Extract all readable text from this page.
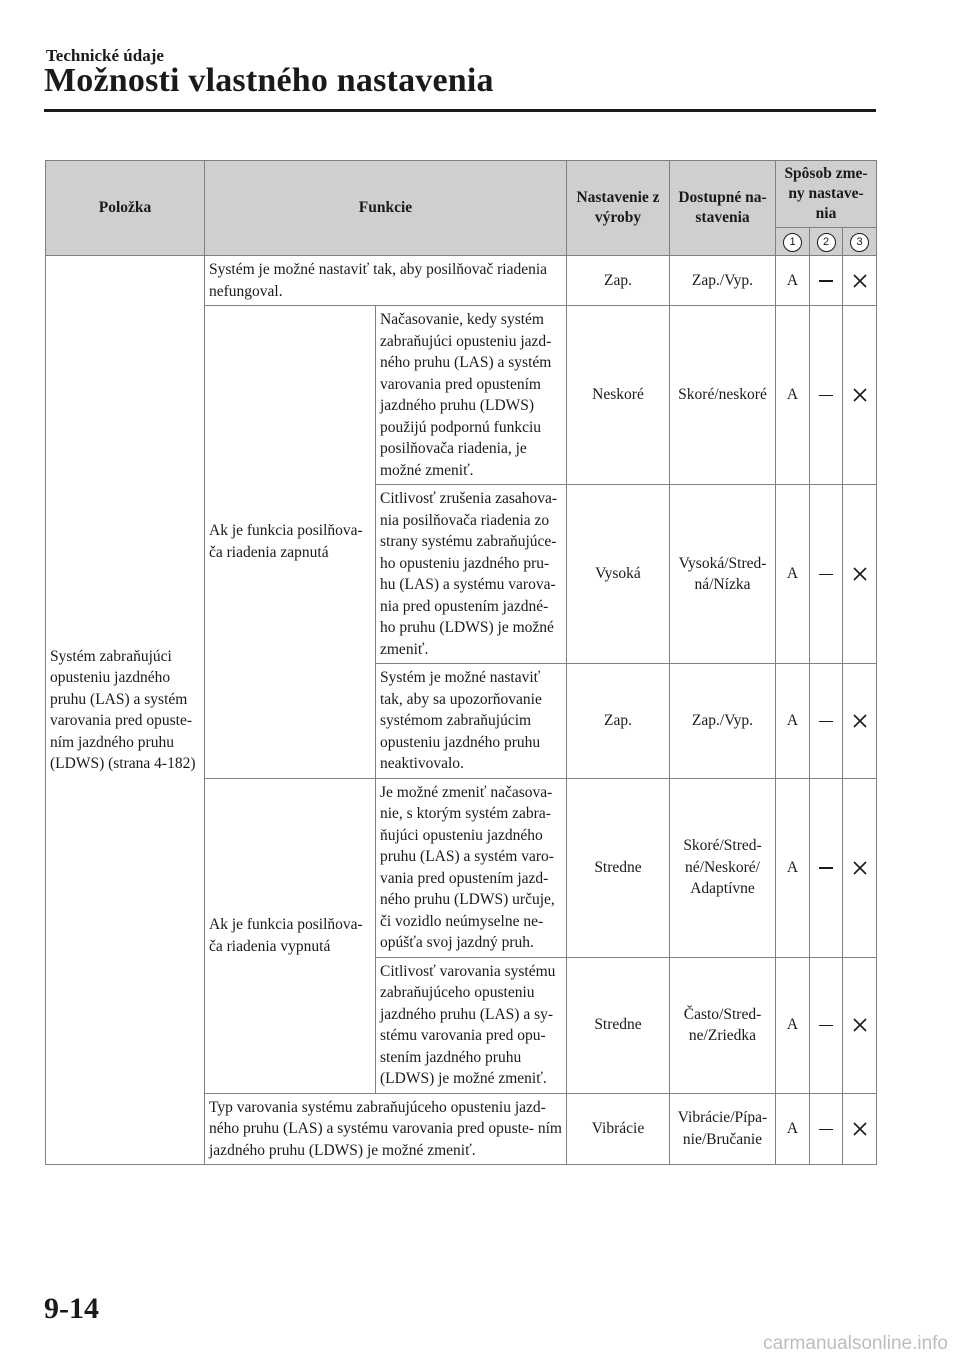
Technické údaje
Možnosti vlastného nastavenia
Položka	Funkcie		Nastavenie z výroby	Dostupné na- stavenia	Spôsob zme- ny nastave- nia		
					1	2	3
Systém zabraňujúci opusteniu jazdného pruhu (LAS) a systém varovania pred opuste- ním jazdného pruhu (LDWS) (strana 4-182)	Systém je možné nastaviť tak, aby posilňovač riadenia nefungoval.		Zap.	Zap./Vyp.	A		

	Ak je funkcia posilňova- ča riadenia zapnutá	Načasovanie, kedy systém zabraňujúci opusteniu jazd- ného pruhu (LAS) a systém varovania pred opustením jazdného pruhu (LDWS) použijú podpornú funkciu posilňovača riadenia, je možné zmeniť.	Neskoré	Skoré/neskoré	A		

		Citlivosť zrušenia zasahova- nia posilňovača riadenia zo strany systému zabraňujúce- ho opusteniu jazdného pru- hu (LAS) a systému varova- nia pred opustením jazdné- ho pruhu (LDWS) je možné zmeniť.	Vysoká	Vysoká/Stred- ná/Nízka	A		

		Systém je možné nastaviť tak, aby sa upozorňovanie systémom zabraňujúcim opusteniu jazdného pruhu neaktivovalo.	Zap.	Zap./Vyp.	A		

	Ak je funkcia posilňova- ča riadenia vypnutá	Je možné zmeniť načasova- nie, s ktorým systém zabra- ňujúci opusteniu jazdného pruhu (LAS) a systém varo- vania pred opustením jazd- ného pruhu (LDWS) určuje, či vozidlo neúmyselne ne- opúšťa svoj jazdný pruh.	Stredne	Skoré/Stred- né/Neskoré/ Adaptívne	A		

		Citlivosť varovania systému zabraňujúceho opusteniu jazdného pruhu (LAS) a sy- stému varovania pred opu- stením jazdného pruhu (LDWS) je možné zmeniť.	Stredne	Často/Stred- ne/Zriedka	A		

	Typ varovania systému zabraňujúceho opusteniu jazd- ného pruhu (LAS) a systému varovania pred opuste- ním jazdného pruhu (LDWS) je možné zmeniť.		Vibrácie	Vibrácie/Pípa- nie/Bručanie	A		
9-14
carmanualsonline.info
